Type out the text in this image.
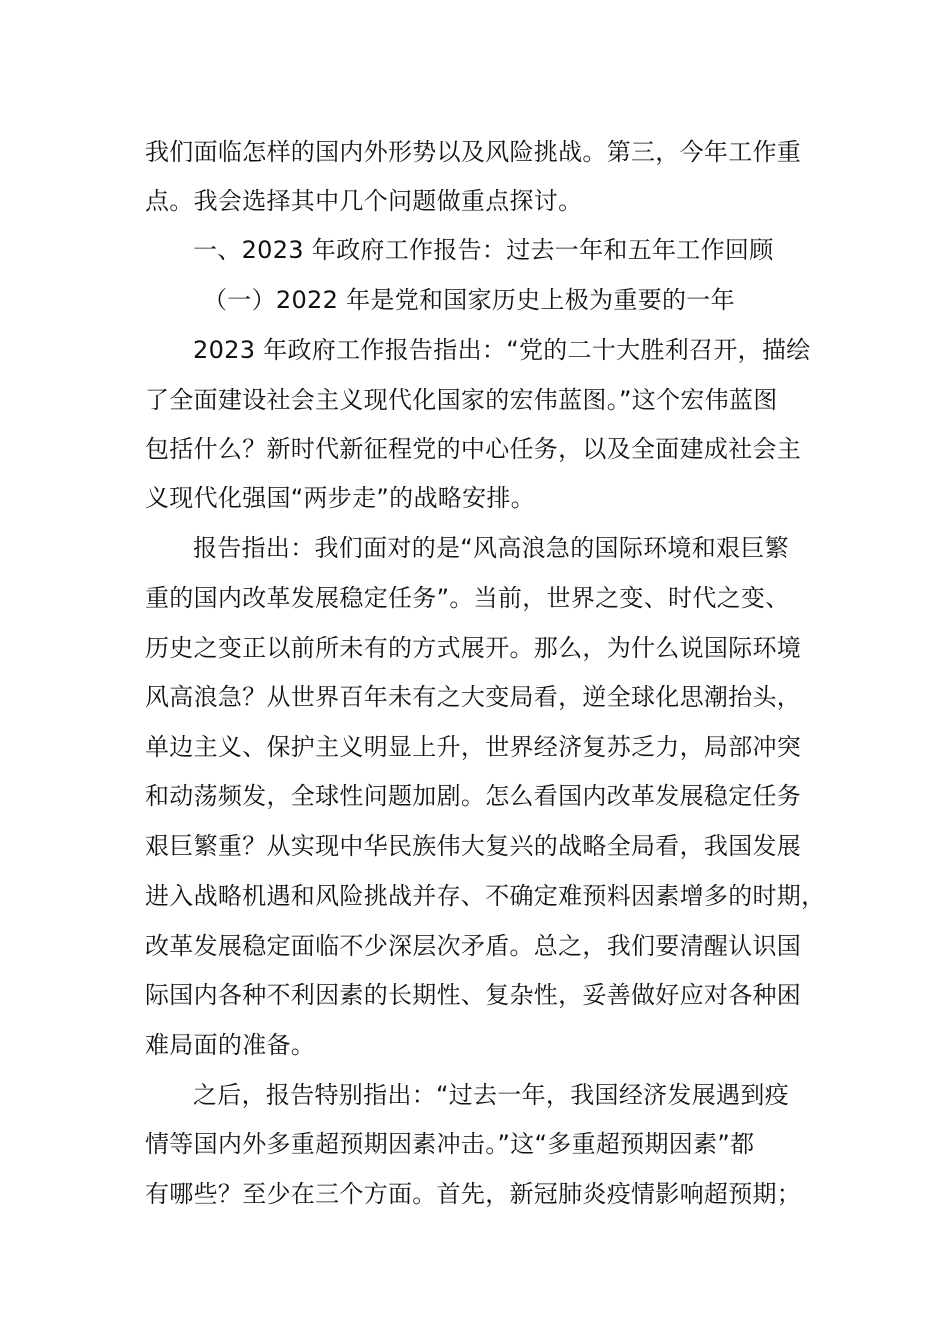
我们面临怎样的国内外形势以及风险挑战。第三，今年工作重
点。我会选择其中几个问题做重点探讨。
一、2023 年政府工作报告：过去一年和五年工作回顾
（一）2022 年是党和国家历史上极为重要的一年
2023 年政府工作报告指出：“党的二十大胜利召开，描绘
了全面建设社会主义现代化国家的宏伟蓝图。”这个宏伟蓝图
包括什么？新时代新征程党的中心任务，以及全面建成社会主
义现代化强国“两步走”的战略安排。
报告指出：我们面对的是“风高浪急的国际环境和艰巨繁
重的国内改革发展稳定任务”。当前，世界之变、时代之变、
历史之变正以前所未有的方式展开。那么，为什么说国际环境
风高浪急？从世界百年未有之大变局看，逆全球化思潮抬头，
单边主义、保护主义明显上升，世界经济复苏乏力，局部冲突
和动荡频发，全球性问题加剧。怎么看国内改革发展稳定任务
艰巨繁重？从实现中华民族伟大复兴的战略全局看，我国发展
进入战略机遇和风险挑战并存、不确定难预料因素增多的时期，
改革发展稳定面临不少深层次矛盾。总之，我们要清醒认识国
际国内各种不利因素的长期性、复杂性，妥善做好应对各种困
难局面的准备。
之后，报告特别指出：“过去一年，我国经济发展遇到疫
情等国内外多重超预期因素冲击。”这“多重超预期因素”都
有哪些？至少在三个方面。首先，新冠肺炎疫情影响超预期；
